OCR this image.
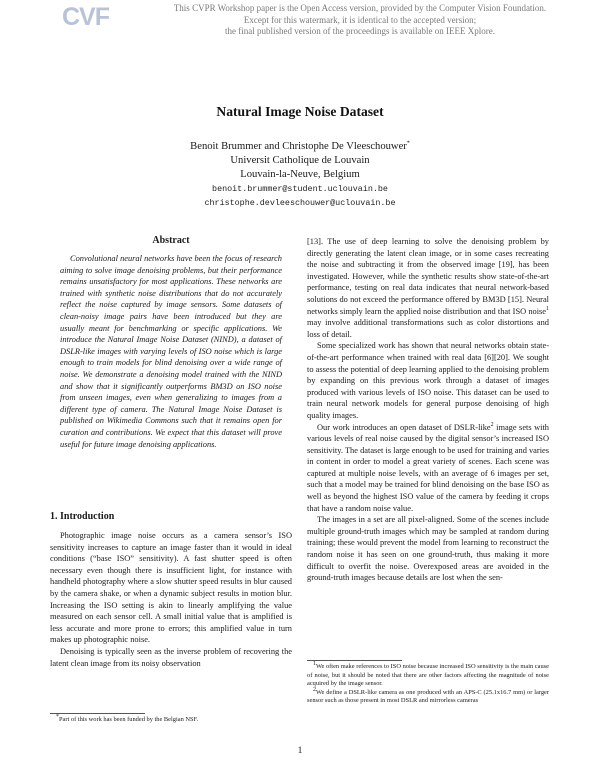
CVF	This CVPR Workshop paper is the Open Access version, provided by the Computer Vision Foundation.
Except for this watermark, it is identical to the accepted version;
the final published version of the proceedings is available on IEEE Xplore.
Natural Image Noise Dataset
Benoit Brummer and Christophe De Vleeschouwer*
Universit Catholique de Louvain
Louvain-la-Neuve, Belgium
benoit.brummer@student.uclouvain.be
christophe.devleeschouwer@uclouvain.be
Abstract

Convolutional neural networks have been the focus of research aiming to solve image denoising problems, but their performance remains unsatisfactory for most applications. These networks are trained with synthetic noise distributions that do not accurately reflect the noise captured by image sensors. Some datasets of clean-noisy image pairs have been introduced but they are usually meant for benchmarking or specific applications. We introduce the Natural Image Noise Dataset (NIND), a dataset of DSLR-like images with varying levels of ISO noise which is large enough to train models for blind denoising over a wide range of noise. We demonstrate a denoising model trained with the NIND and show that it significantly outperforms BM3D on ISO noise from unseen images, even when generalizing to images from a different type of camera. The Natural Image Noise Dataset is published on Wikimedia Commons such that it remains open for curation and contributions. We expect that this dataset will prove useful for future image denoising applications.

1. Introduction

Photographic image noise occurs as a camera sensor’s ISO sensitivity increases to capture an image faster than it would in ideal conditions (“base ISO” sensitivity). A fast shutter speed is often necessary even though there is insufficient light, for instance with handheld photography where a slow shutter speed results in blur caused by the camera shake, or when a dynamic subject results in motion blur. Increasing the ISO setting is akin to linearly amplifying the value measured on each sensor cell. A small initial value that is amplified is less accurate and more prone to errors; this amplified value in turn makes up photographic noise.

Denoising is typically seen as the inverse problem of recovering the latent clean image from its noisy observation

*Part of this work has been funded by the Belgian NSF.

[13]. The use of deep learning to solve the denoising problem by directly generating the latent clean image, or in some cases recreating the noise and subtracting it from the observed image [19], has been investigated. However, while the synthetic results show state-of-the-art performance, testing on real data indicates that neural network-based solutions do not exceed the performance offered by BM3D [15]. Neural networks simply learn the applied noise distribution and that ISO noise$^1$ may involve additional transformations such as color distortions and loss of detail.

Some specialized work has shown that neural networks obtain state-of-the-art performance when trained with real data [6][20]. We sought to assess the potential of deep learning applied to the denoising problem by expanding on this previous work through a dataset of images produced with various levels of ISO noise. This dataset can be used to train neural network models for general purpose denoising of high quality images.

Our work introduces an open dataset of DSLR-like$^2$ image sets with various levels of real noise caused by the digital sensor’s increased ISO sensitivity. The dataset is large enough to be used for training and varies in content in order to model a great variety of scenes. Each scene was captured at multiple noise levels, with an average of 6 images per set, such that a model may be trained for blind denoising on the base ISO as well as beyond the highest ISO value of the camera by feeding it crops that have a random noise value.

The images in a set are all pixel-aligned. Some of the scenes include multiple ground-truth images which may be sampled at random during training; these would prevent the model from learning to reconstruct the random noise it has seen on one ground-truth, thus making it more difficult to overfit the noise. Overexposed areas are avoided in the ground-truth images because details are lost when the sen-

$^1$We often make references to ISO noise because increased ISO sensitivity is the main cause of noise, but it should be noted that there are other factors affecting the magnitude of noise acquired by the image sensor.

$^2$We define a DSLR-like camera as one produced with an APS-C (25.1x16.7 mm) or larger sensor such as those present in most DSLR and mirrorless cameras

1
